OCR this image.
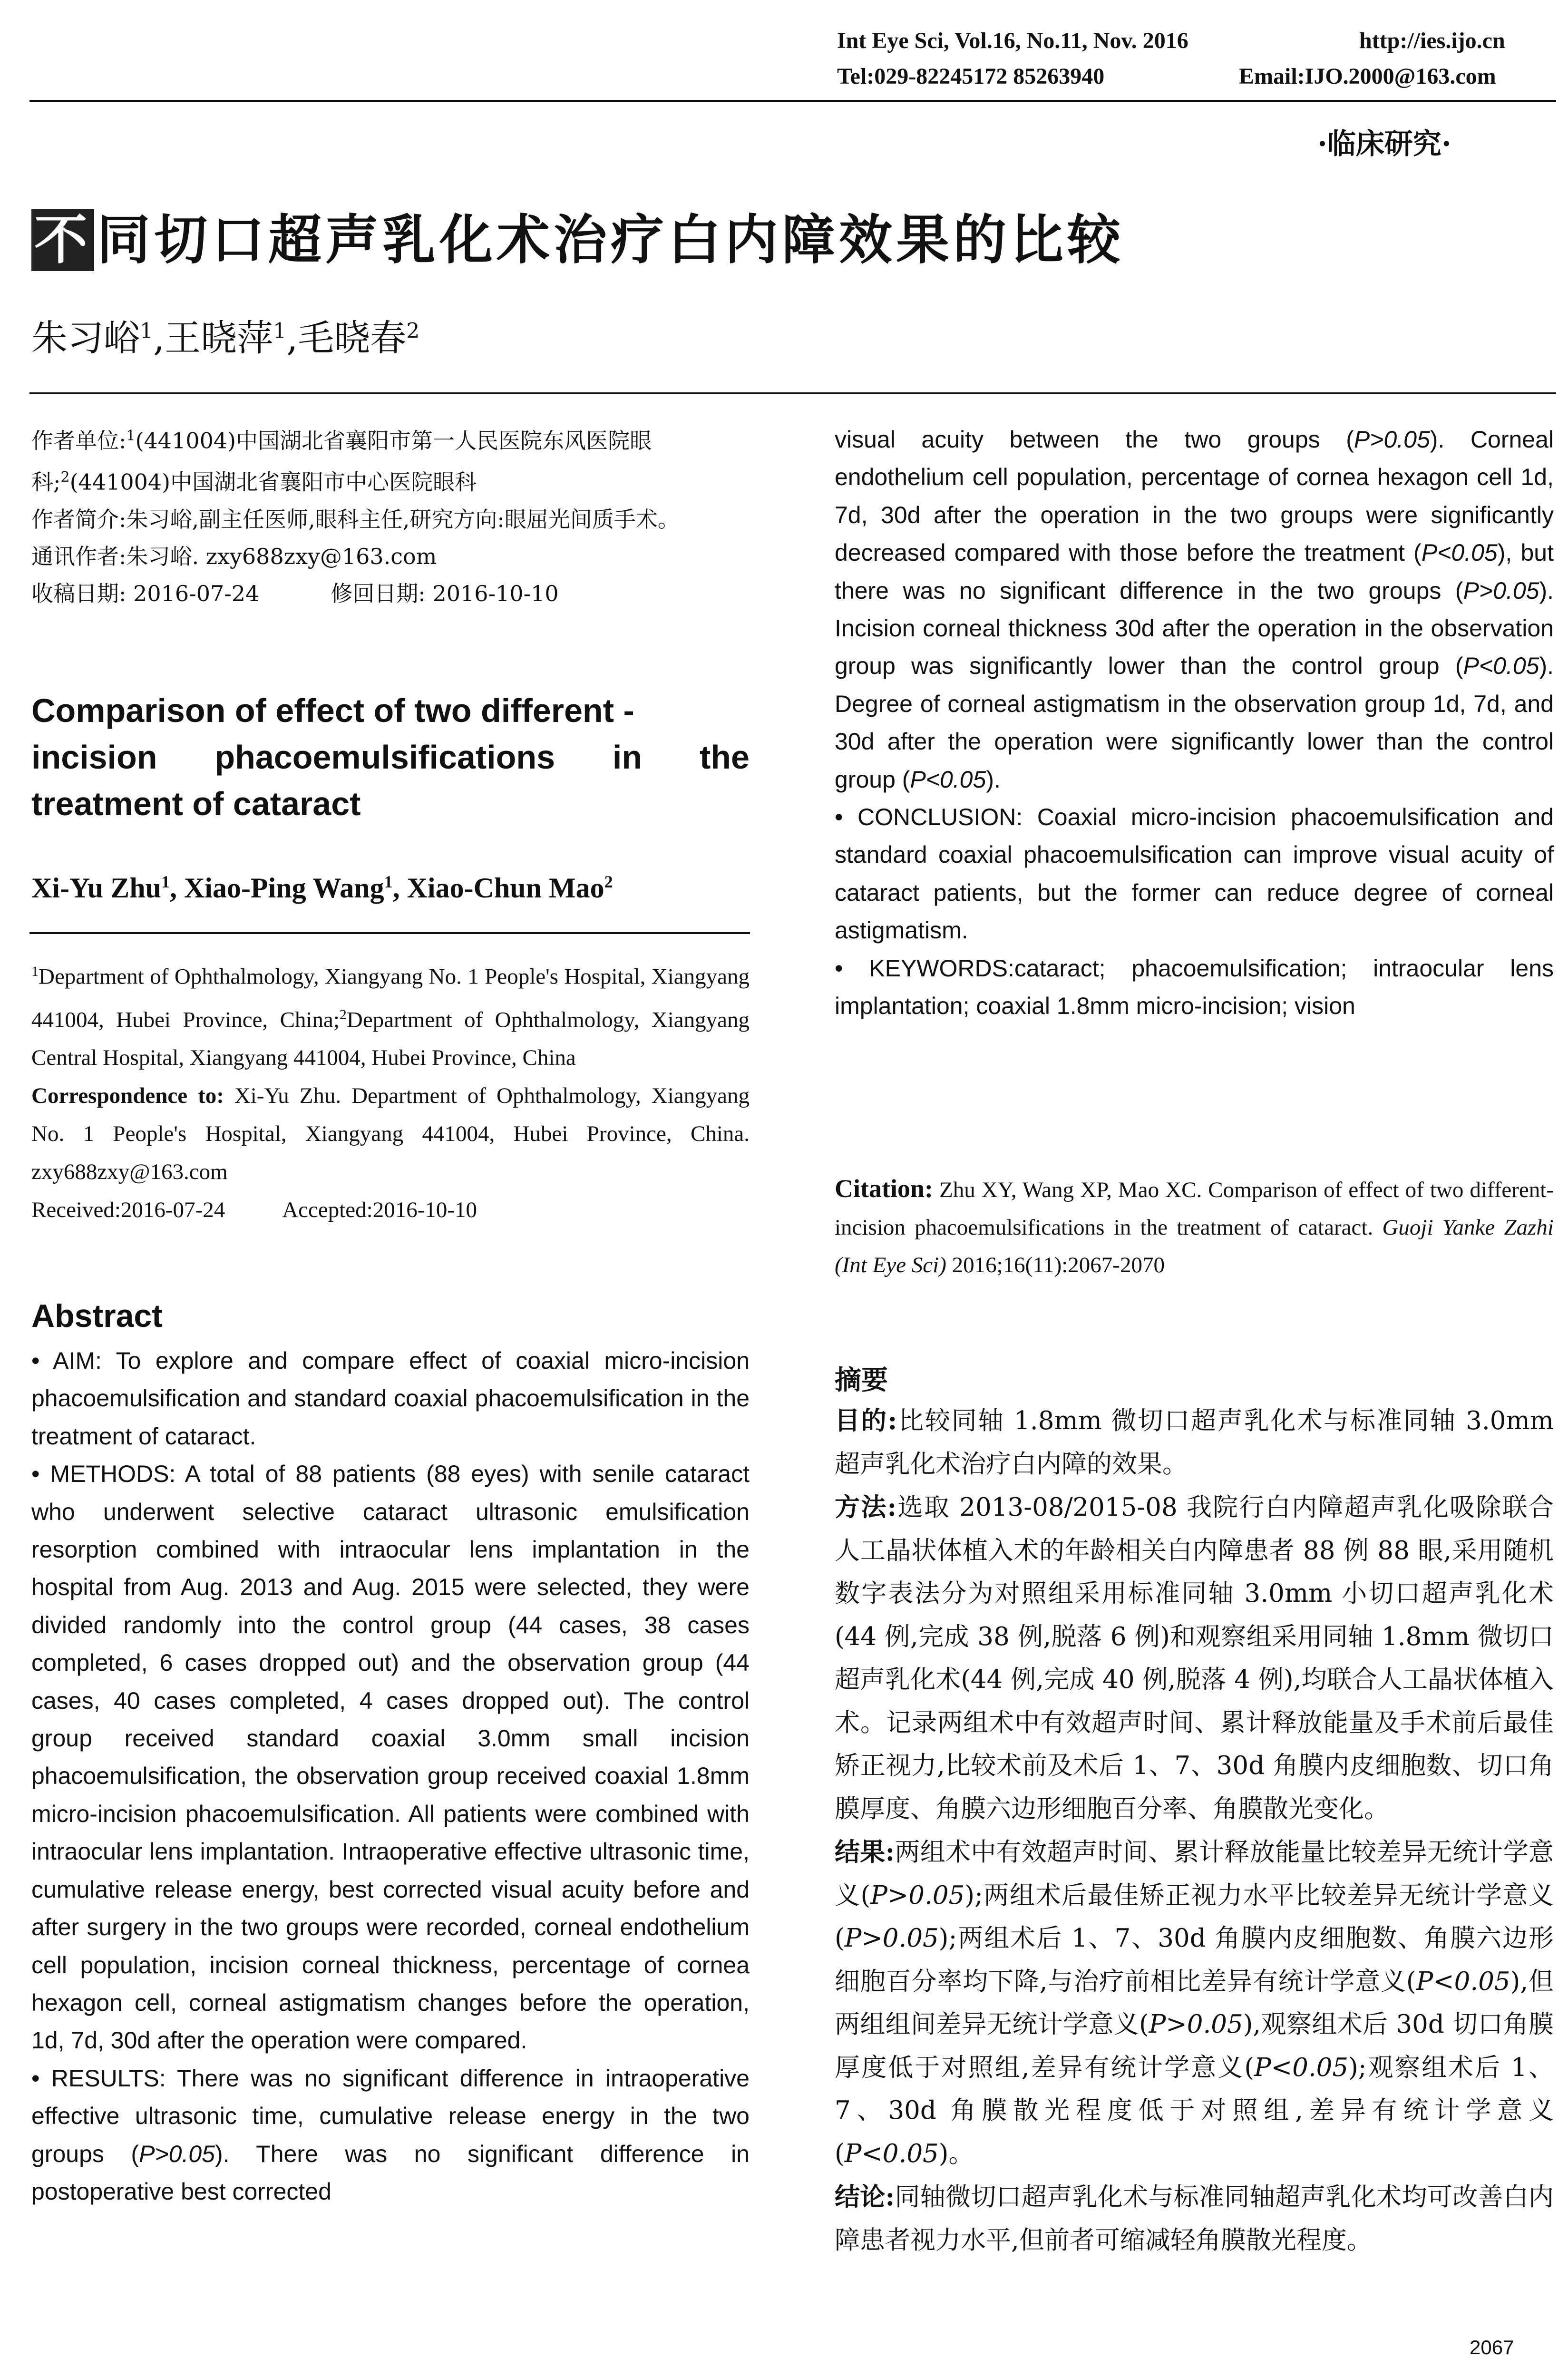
Int Eye Sci, Vol.16, No.11, Nov. 2016	http://ies.ijo.cn
Tel:029-82245172 85263940	Email:IJO.2000@163.com
·临床研究·
不 同切口超声乳化术治疗白内障效果的比较
朱习峪$^1$,王晓萍$^1$,毛晓春$^2$
作者单位:$^1$(441004)中国湖北省襄阳市第一人民医院东风医院眼科;$^2$(441004)中国湖北省襄阳市中心医院眼科
作者简介:朱习峪,副主任医师,眼科主任,研究方向:眼屈光间质手术。
通讯作者:朱习峪. zxy688zxy@163.com
收稿日期: 2016-07-24	修回日期: 2016-10-10
Comparison of effect of two different -
incision phacoemulsifications in the
treatment of cataract
Xi-Yu Zhu$^1$, Xiao-Ping Wang$^1$, Xiao-Chun Mao$^2$
$^1$Department of Ophthalmology, Xiangyang No. 1 People's Hospital, Xiangyang 441004, Hubei Province, China;$^2$Department of Ophthalmology, Xiangyang Central Hospital, Xiangyang 441004, Hubei Province, China
Correspondence to: Xi-Yu Zhu. Department of Ophthalmology, Xiangyang No. 1 People's Hospital, Xiangyang 441004, Hubei Province, China. zxy688zxy@163.com
Received:2016-07-24	Accepted:2016-10-10
Abstract
• AIM: To explore and compare effect of coaxial micro-incision phacoemulsification and standard coaxial phacoemulsification in the treatment of cataract.
• METHODS: A total of 88 patients (88 eyes) with senile cataract who underwent selective cataract ultrasonic emulsification resorption combined with intraocular lens implantation in the hospital from Aug. 2013 and Aug. 2015 were selected, they were divided randomly into the control group (44 cases, 38 cases completed, 6 cases dropped out) and the observation group (44 cases, 40 cases completed, 4 cases dropped out). The control group received standard coaxial 3.0mm small incision phacoemulsification, the observation group received coaxial 1.8mm micro-incision phacoemulsification. All patients were combined with intraocular lens implantation. Intraoperative effective ultrasonic time, cumulative release energy, best corrected visual acuity before and after surgery in the two groups were recorded, corneal endothelium cell population, incision corneal thickness, percentage of cornea hexagon cell, corneal astigmatism changes before the operation, 1d, 7d, 30d after the operation were compared.
• RESULTS: There was no significant difference in intraoperative effective ultrasonic time, cumulative release energy in the two groups (P>0.05). There was no significant difference in postoperative best corrected
visual acuity between the two groups (P>0.05). Corneal endothelium cell population, percentage of cornea hexagon cell 1d, 7d, 30d after the operation in the two groups were significantly decreased compared with those before the treatment (P<0.05), but there was no significant difference in the two groups (P>0.05). Incision corneal thickness 30d after the operation in the observation group was significantly lower than the control group (P<0.05). Degree of corneal astigmatism in the observation group 1d, 7d, and 30d after the operation were significantly lower than the control group (P<0.05).
• CONCLUSION: Coaxial micro-incision phacoemulsification and standard coaxial phacoemulsification can improve visual acuity of cataract patients, but the former can reduce degree of corneal astigmatism.
• KEYWORDS:cataract; phacoemulsification; intraocular lens implantation; coaxial 1.8mm micro-incision; vision
Citation: Zhu XY, Wang XP, Mao XC. Comparison of effect of two different-incision phacoemulsifications in the treatment of cataract. Guoji Yanke Zazhi (Int Eye Sci) 2016;16(11):2067-2070
摘要
目的:比较同轴 1.8mm 微切口超声乳化术与标准同轴 3.0mm 超声乳化术治疗白内障的效果。
方法:选取 2013-08/2015-08 我院行白内障超声乳化吸除联合人工晶状体植入术的年龄相关白内障患者 88 例 88 眼,采用随机数字表法分为对照组采用标准同轴 3.0mm 小切口超声乳化术(44 例,完成 38 例,脱落 6 例)和观察组采用同轴 1.8mm 微切口超声乳化术(44 例,完成 40 例,脱落 4 例),均联合人工晶状体植入术。记录两组术中有效超声时间、累计释放能量及手术前后最佳矫正视力,比较术前及术后 1、7、30d 角膜内皮细胞数、切口角膜厚度、角膜六边形细胞百分率、角膜散光变化。
结果:两组术中有效超声时间、累计释放能量比较差异无统计学意义(P>0.05);两组术后最佳矫正视力水平比较差异无统计学意义(P>0.05);两组术后 1、7、30d 角膜内皮细胞数、角膜六边形细胞百分率均下降,与治疗前相比差异有统计学意义(P<0.05),但两组组间差异无统计学意义(P>0.05),观察组术后 30d 切口角膜厚度低于对照组,差异有统计学意义(P<0.05);观察组术后 1、7、30d 角膜散光程度低于对照组,差异有统计学意义(P<0.05)。
结论:同轴微切口超声乳化术与标准同轴超声乳化术均可改善白内障患者视力水平,但前者可缩减轻角膜散光程度。
2067
